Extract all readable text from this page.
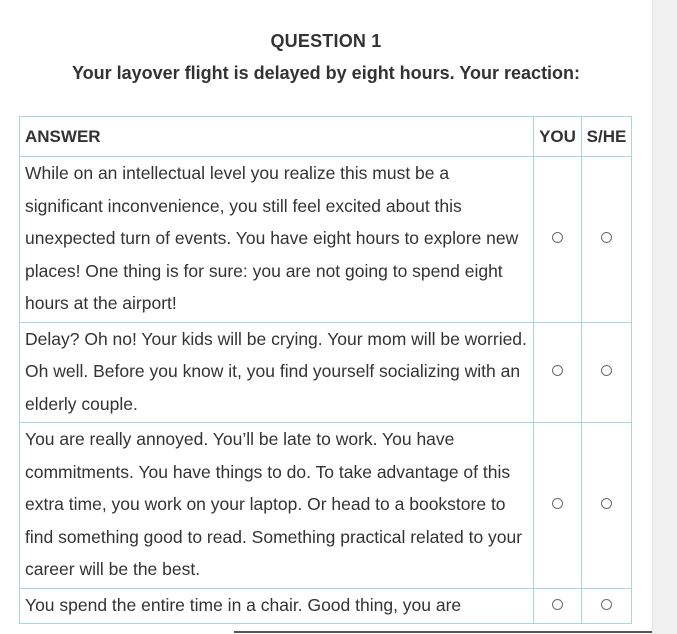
QUESTION 1
Your layover flight is delayed by eight hours. Your reaction:
ANSWER	YOU	S/HE
While on an intellectual level you realize this must be a significant inconvenience, you still feel excited about this unexpected turn of events. You have eight hours to explore new places! One thing is for sure: you are not going to spend eight hours at the airport!		
Delay? Oh no! Your kids will be crying. Your mom will be worried. Oh well. Before you know it, you find yourself socializing with an elderly couple.		
You are really annoyed. You’ll be late to work. You have commitments. You have things to do. To take advantage of this extra time, you work on your laptop. Or head to a bookstore to find something good to read. Something practical related to your career will be the best.		
You spend the entire time in a chair. Good thing, you are		
